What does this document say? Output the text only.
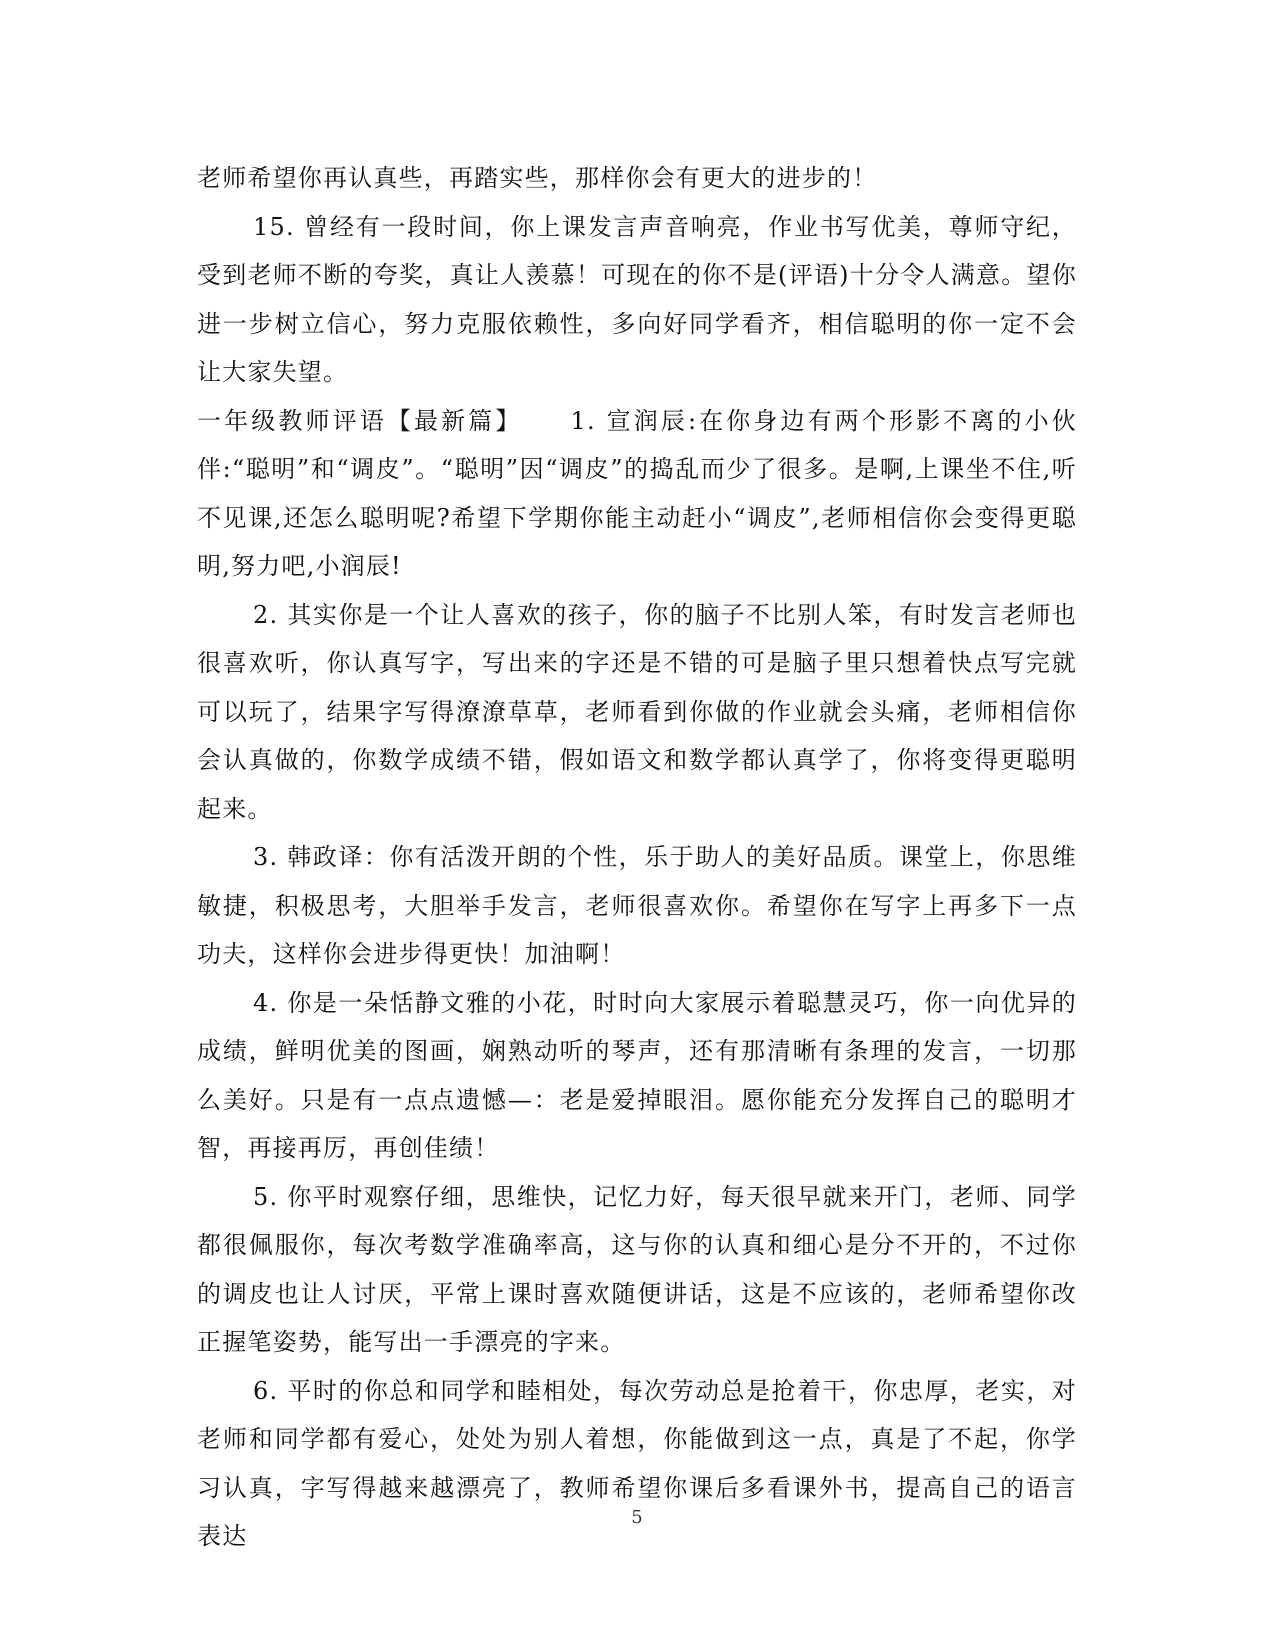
老师希望你再认真些，再踏实些，那样你会有更大的进步的！

15. 曾经有一段时间，你上课发言声音响亮，作业书写优美，尊师守纪，受到老师不断的夸奖，真让人羡慕！可现在的你不是(评语)十分令人满意。望你进一步树立信心，努力克服依赖性，多向好同学看齐，相信聪明的你一定不会让大家失望。

一年级教师评语【最新篇】 1. 宣润辰:在你身边有两个形影不离的小伙伴:“聪明”和“调皮”。“聪明”因“调皮”的捣乱而少了很多。是啊,上课坐不住,听不见课,还怎么聪明呢?希望下学期你能主动赶小“调皮”,老师相信你会变得更聪明,努力吧,小润辰!

2. 其实你是一个让人喜欢的孩子，你的脑子不比别人笨，有时发言老师也很喜欢听，你认真写字，写出来的字还是不错的可是脑子里只想着快点写完就可以玩了，结果字写得潦潦草草，老师看到你做的作业就会头痛，老师相信你会认真做的，你数学成绩不错，假如语文和数学都认真学了，你将变得更聪明起来。

3. 韩政译：你有活泼开朗的个性，乐于助人的美好品质。课堂上，你思维敏捷，积极思考，大胆举手发言，老师很喜欢你。希望你在写字上再多下一点功夫，这样你会进步得更快！加油啊！

4. 你是一朵恬静文雅的小花，时时向大家展示着聪慧灵巧，你一向优异的成绩，鲜明优美的图画，娴熟动听的琴声，还有那清晰有条理的发言，一切那么美好。只是有一点点遗憾—：老是爱掉眼泪。愿你能充分发挥自己的聪明才智，再接再厉，再创佳绩！

5. 你平时观察仔细，思维快，记忆力好，每天很早就来开门，老师、同学都很佩服你，每次考数学准确率高，这与你的认真和细心是分不开的，不过你的调皮也让人讨厌，平常上课时喜欢随便讲话，这是不应该的，老师希望你改正握笔姿势，能写出一手漂亮的字来。

6. 平时的你总和同学和睦相处，每次劳动总是抢着干，你忠厚，老实，对老师和同学都有爱心，处处为别人着想，你能做到这一点，真是了不起，你学习认真，字写得越来越漂亮了，教师希望你课后多看课外书，提高自己的语言表达

5
